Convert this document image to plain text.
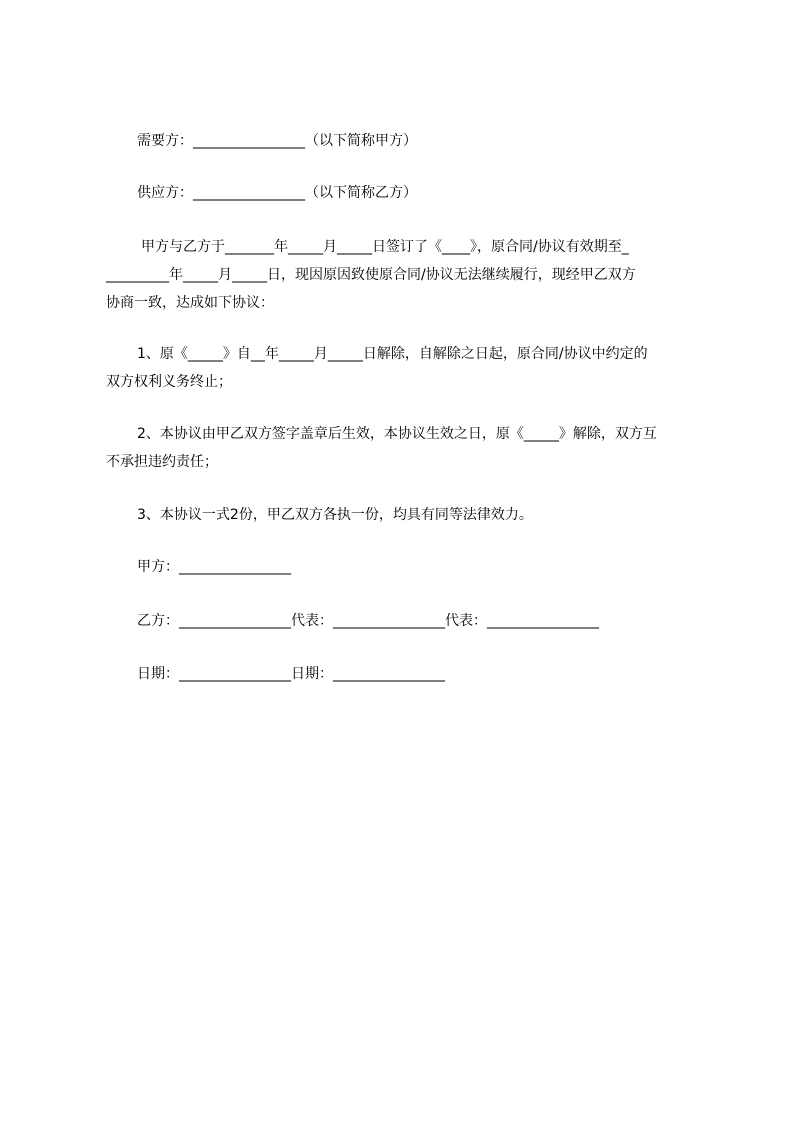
需要方：________________（以下简称甲方）
供应方：________________（以下简称乙方）
甲方与乙方于_______年_____月_____日签订了《____》，原合同/协议有效期至_
_________年_____月_____日，现因原因致使原合同/协议无法继续履行，现经甲乙双方
协商一致，达成如下协议：
1、原《_____》自__年_____月_____日解除，自解除之日起，原合同/协议中约定的
双方权利义务终止；
2、本协议由甲乙双方签字盖章后生效，本协议生效之日，原《_____》解除，双方互
不承担违约责任；
3、本协议一式2份，甲乙双方各执一份，均具有同等法律效力。
甲方：________________
乙方：________________代表：________________代表：________________
日期：________________日期：________________
